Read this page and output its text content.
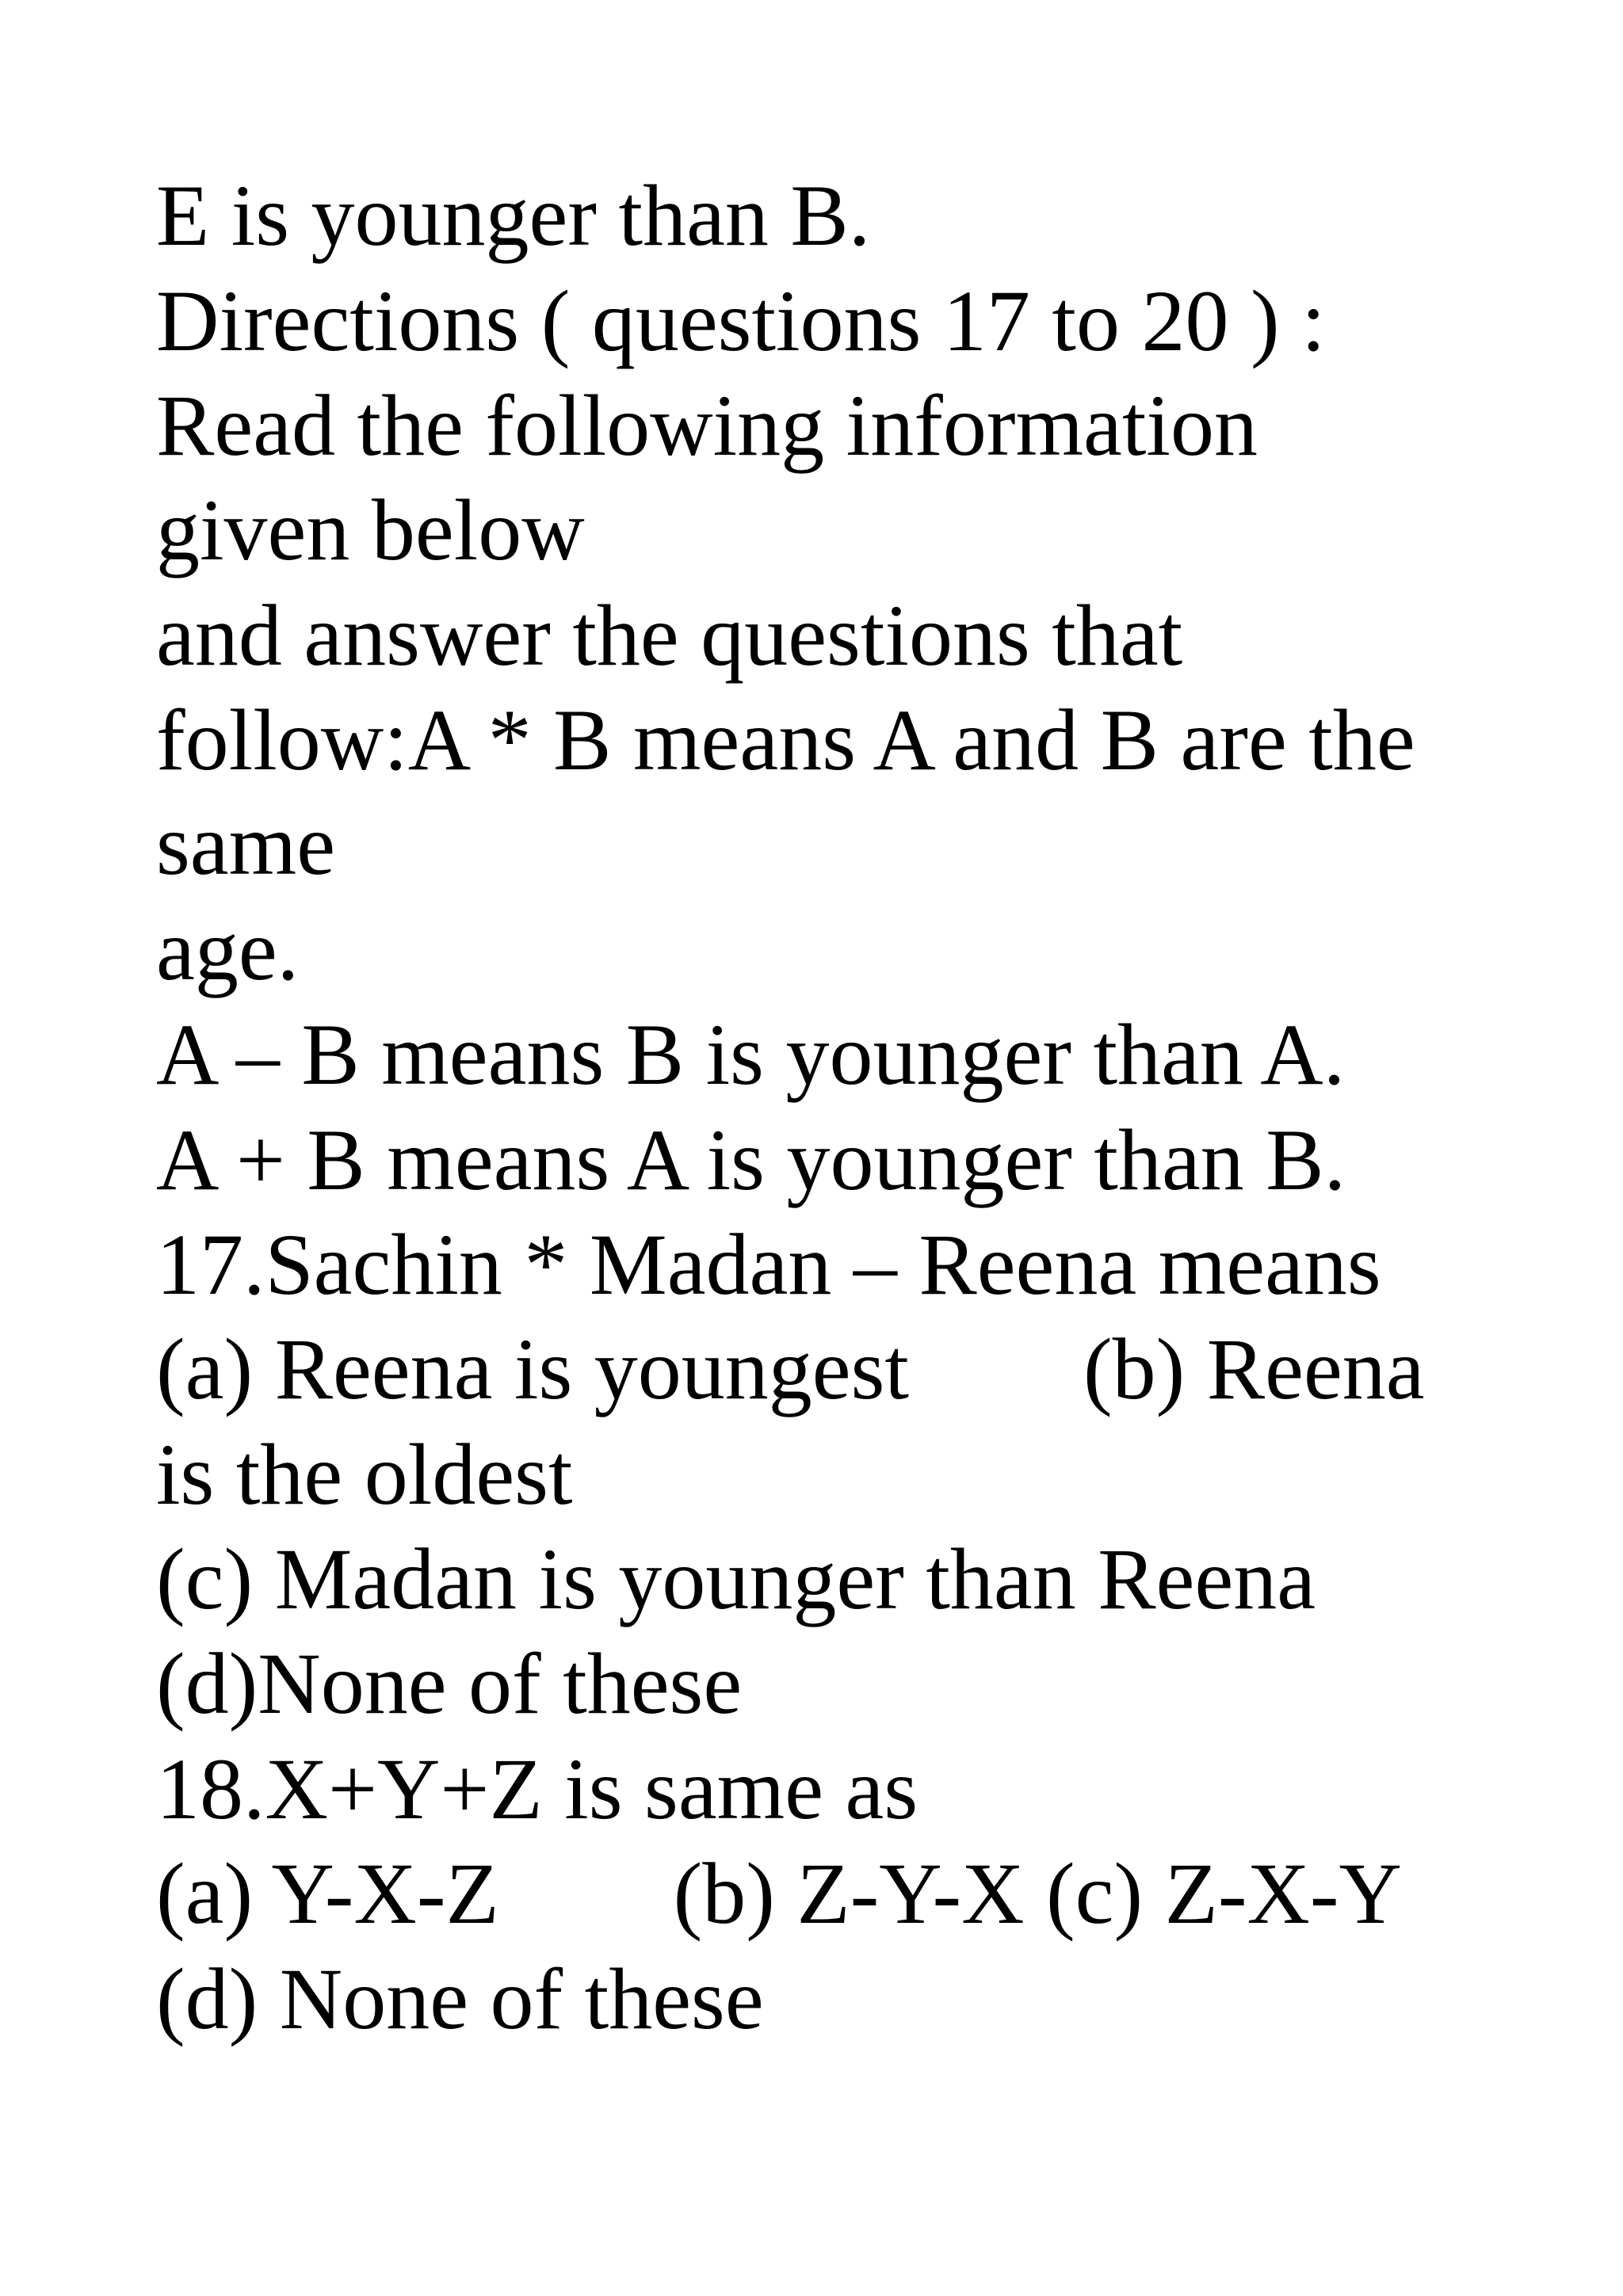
E is younger than B.

Directions ( questions 17 to 20 ) :

Read the following information

given below

and answer the questions that

follow:A * B means A and B are the

same

age.

A – B means B is younger than A.

A + B means A is younger than B.

17.Sachin * Madan – Reena means

(a) Reena is youngest        (b) Reena

is the oldest

(c) Madan is younger than Reena

(d)None of these

18.X+Y+Z is same as

(a) Y-X-Z        (b) Z-Y-X (c) Z-X-Y

(d) None of these
